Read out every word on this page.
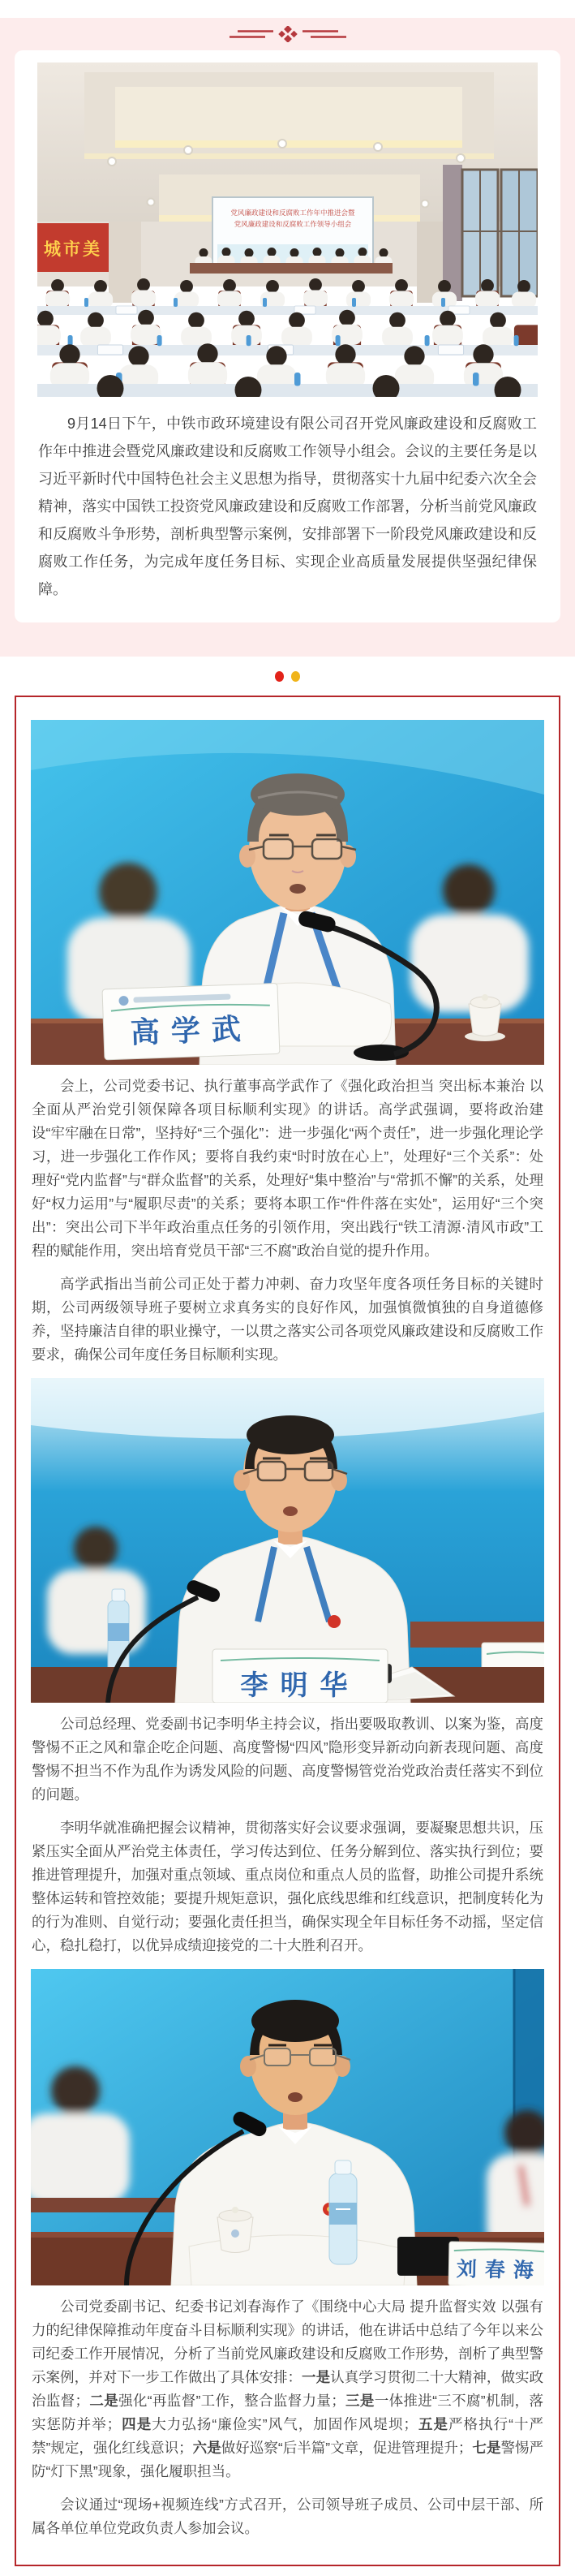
城市美
党风廉政建设和反腐败工作年中推进会暨
党风廉政建设和反腐败工作领导小组会

9月14日下午，中铁市政环境建设有限公司召开党风廉政建设和反腐败工作年中推进会暨党风廉政建设和反腐败工作领导小组会。会议的主要任务是以习近平新时代中国特色社会主义思想为指导，贯彻落实十九届中纪委六次全会精神，落实中国铁工投资党风廉政建设和反腐败工作部署，分析当前党风廉政和反腐败斗争形势，剖析典型警示案例，安排部署下一阶段党风廉政建设和反腐败工作任务，为完成年度任务目标、实现企业高质量发展提供坚强纪律保障。

高学武

会上，公司党委书记、执行董事高学武作了《强化政治担当 突出标本兼治 以全面从严治党引领保障各项目标顺利实现》的讲话。高学武强调，要将政治建设“牢牢融在日常”，坚持好“三个强化”：进一步强化“两个责任”，进一步强化理论学习，进一步强化工作作风；要将自我约束“时时放在心上”，处理好“三个关系”：处理好“党内监督”与“群众监督”的关系，处理好“集中整治”与“常抓不懈”的关系，处理好“权力运用”与“履职尽责”的关系；要将本职工作“件件落在实处”，运用好“三个突出”：突出公司下半年政治重点任务的引领作用，突出践行“铁工清源·清风市政”工程的赋能作用，突出培育党员干部“三不腐”政治自觉的提升作用。

高学武指出当前公司正处于蓄力冲刺、奋力攻坚年度各项任务目标的关键时期，公司两级领导班子要树立求真务实的良好作风，加强慎微慎独的自身道德修养，坚持廉洁自律的职业操守，一以贯之落实公司各项党风廉政建设和反腐败工作要求，确保公司年度任务目标顺利实现。

李明华

公司总经理、党委副书记李明华主持会议，指出要吸取教训、以案为鉴，高度警惕不正之风和靠企吃企问题、高度警惕“四风”隐形变异新动向新表现问题、高度警惕不担当不作为乱作为诱发风险的问题、高度警惕管党治党政治责任落实不到位的问题。

李明华就准确把握会议精神，贯彻落实好会议要求强调，要凝聚思想共识，压紧压实全面从严治党主体责任，学习传达到位、任务分解到位、落实执行到位；要推进管理提升，加强对重点领域、重点岗位和重点人员的监督，助推公司提升系统整体运转和管控效能；要提升规矩意识，强化底线思维和红线意识，把制度转化为的行为准则、自觉行动；要强化责任担当，确保实现全年目标任务不动摇，坚定信心，稳扎稳打，以优异成绩迎接党的二十大胜利召开。

刘春海

公司党委副书记、纪委书记刘春海作了《围绕中心大局 提升监督实效 以强有力的纪律保障推动年度奋斗目标顺利实现》的讲话，他在讲话中总结了今年以来公司纪委工作开展情况，分析了当前党风廉政建设和反腐败工作形势，剖析了典型警示案例，并对下一步工作做出了具体安排：一是认真学习贯彻二十大精神，做实政治监督；二是强化“再监督”工作，整合监督力量；三是一体推进“三不腐”机制，落实惩防并举；四是大力弘扬“廉俭实”风气，加固作风堤坝；五是严格执行“十严禁”规定，强化红线意识；六是做好巡察“后半篇”文章，促进管理提升；七是警惕严防“灯下黑”现象，强化履职担当。

会议通过“现场+视频连线”方式召开，公司领导班子成员、公司中层干部、所属各单位单位党政负责人参加会议。
